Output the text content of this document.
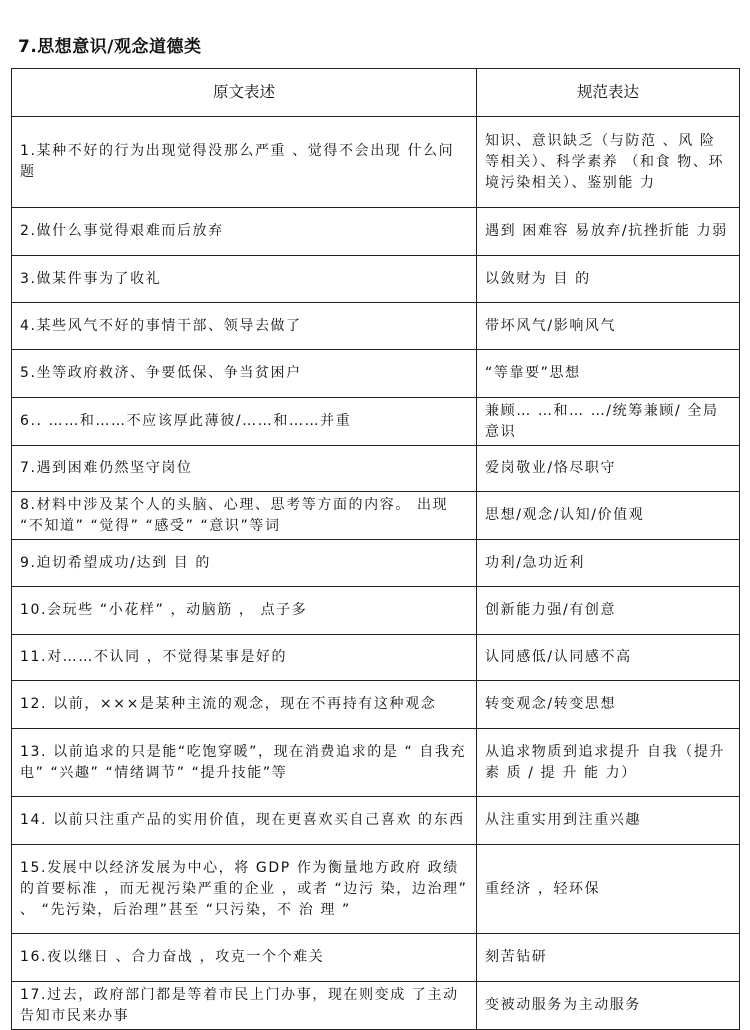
7.思想意识/观念道德类
原文表述	规范表达
1.某种不好的行为出现觉得没那么严重 、觉得不会出现 什么问题	知识、意识缺乏（与防范 、风 险等相关）、科学素养 （和食 物、环境污染相关）、鉴别能 力
2.做什么事觉得艰难而后放弃	遇到 困难容 易放弃/抗挫折能 力弱
3.做某件事为了收礼	以敛财为 目 的
4.某些风气不好的事情干部、领导去做了	带坏风气/影响风气
5.坐等政府救济、争要低保、争当贫困户	“等靠要”思想
6.. ……和……不应该厚此薄彼/……和……并重	兼顾… …和… …/统筹兼顾/ 全局意识
7.遇到困难仍然坚守岗位	爱岗敬业/恪尽职守
8.材料中涉及某个人的头脑、心理、思考等方面的内容。 出现 “不知道” “觉得” “感受” “意识”等词	思想/观念/认知/价值观
9.迫切希望成功/达到 目 的	功利/急功近利
10.会玩些 “小花样” ，动脑筋 ， 点子多	创新能力强/有创意
11.对……不认同 ，不觉得某事是好的	认同感低/认同感不高
12. 以前，×××是某种主流的观念，现在不再持有这种观念	转变观念/转变思想
13. 以前追求的只是能“吃饱穿暖”，现在消费追求的是 “ 自我充电” “兴趣” “情绪调节” “提升技能”等	从追求物质到追求提升 自我（提升 素 质 / 提 升 能 力）
14. 以前只注重产品的实用价值，现在更喜欢买自己喜欢 的东西	从注重实用到注重兴趣
15.发展中以经济发展为中心，将 GDP 作为衡量地方政府 政绩的首要标准 ，而无视污染严重的企业 ，或者 “边污 染，边治理” 、 “先污染，后治理”甚至 “只污染，不 治 理 ”	重经济 ，轻环保
16.夜以继日 、合力奋战 ，攻克一个个难关	刻苦钻研
17.过去，政府部门都是等着市民上门办事，现在则变成 了主动告知市民来办事	变被动服务为主动服务
